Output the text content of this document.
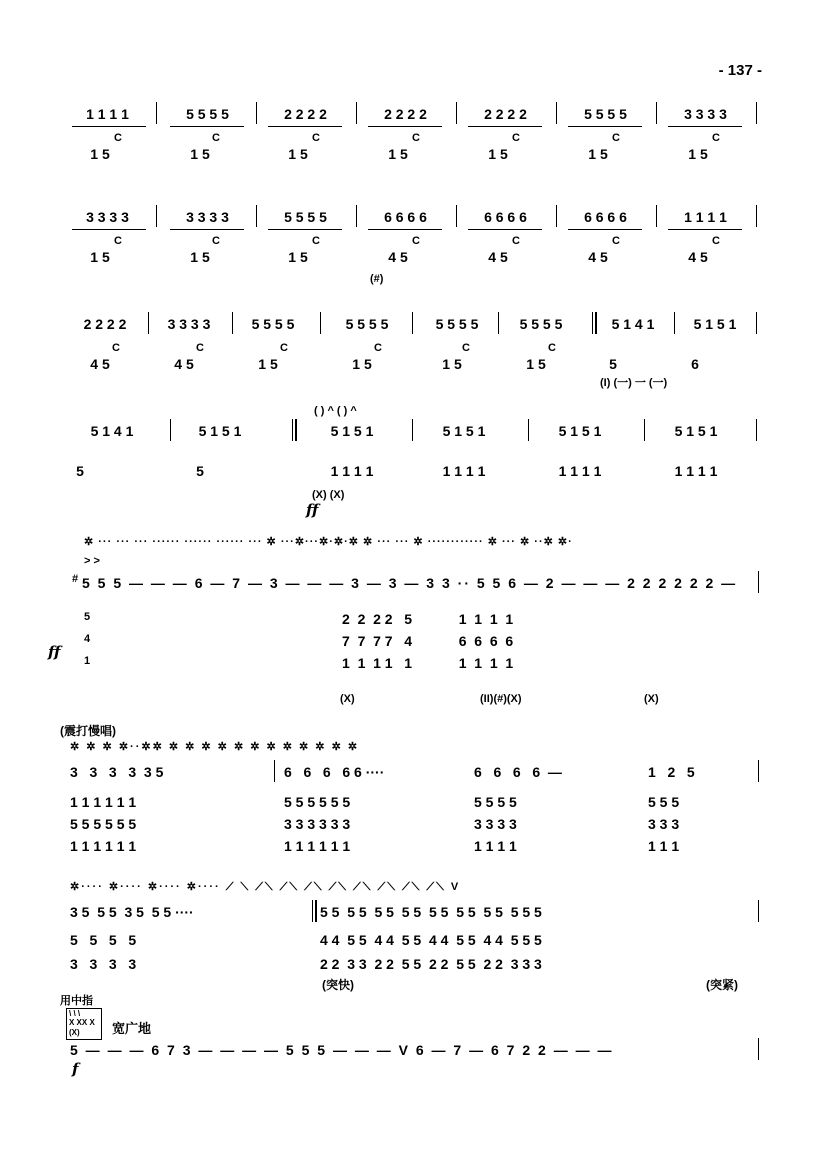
- 137 -
1 1 1 1	5 5 5 5	2 2 2 2	2 2 2 2	2 2 2 2	5 5 5 5	3 3 3 3
C	C	C	C	C	C	C
1 5	1 5	1 5	1 5	1 5	1 5	1 5
3 3 3 3	3 3 3 3	5 5 5 5	6 6 6 6	6 6 6 6	6 6 6 6	1 1 1 1
C	C	C	C	C	C	C
1 5	1 5	1 5	4 5	4 5	4 5	4 5
(#)
2 2 2 2	3 3 3 3	5 5 5 5	5 5 5 5	5 5 5 5	5 5 5 5	5 1 4 1	5 1 5 1
C	C	C	C	C	C
4 5	4 5	1 5	1 5	1 5	1 5	5	6
(I) (一) 一 (一)
( ) ^ ( ) ^
5 1 4 1	5 1 5 1	5 1 5 1	5 1 5 1	5 1 5 1	5 1 5 1
5	5	1 1 1 1	1 1 1 1	1 1 1 1	1 1 1 1
(X) (X)
ff
✲ ··· ··· ··· ······ ······ ······ ··· ✲ ···✲···✲·✲·✲ ✲ ··· ··· ✲ ············ ✲ ··· ✲ ··✲ ✲·
> >
# 5 5 5 — — — 6 — 7 — 3 — — — 3 — 3 — 3 3 ·· 5 5 6 — 2 — — — 2 2 2 2 2 2 —
5
4
1
ff
2  2  2 2   5            1  1  1  1
7  7  7 7   4            6  6  6  6
1  1  1 1   1            1  1  1  1
(X)	(II)(#)(X)	(X)
(震打慢唱)
✲ ✲ ✲ ✲··✲✲ ✲ ✲ ✲ ✲ ✲ ✲ ✲ ✲ ✲ ✲ ✲ ✲
3   3   3   3  3 5	6   6   6   6 6 ····	6   6   6   6  —	1   2   5
1 1 1 1 1 1	5 5 5 5 5 5	5 5 5 5	5 5 5
5 5 5 5 5 5	3 3 3 3 3 3	3 3 3 3	3 3 3
1 1 1 1 1 1	1 1 1 1 1 1	1 1 1 1	1 1 1
✲···· ✲···· ✲···· ✲···· ⟋ ⟍ ⟋⟍ ⟋⟍ ⟋⟍ ⟋⟍ ⟋⟍ ⟋⟍ ⟋⟍ ⟋⟍ V
3 5  5 5  3 5  5 5 ····	5 5  5 5  5 5  5 5  5 5  5 5  5 5  5 5 5
5   5   5   5	4 4  5 5  4 4  5 5  4 4  5 5  4 4  5 5 5
3   3   3   3	2 2  3 3  2 2  5 5  2 2  5 5  2 2  3 3 3
(突快)	(突紧)
用中指
\ \ \
X XX X
(X) 宽广地
5 — — — 6 7 3 — — — — 5 5 5 — — — V 6 — 7 — 6 7 2 2 — — —
f
